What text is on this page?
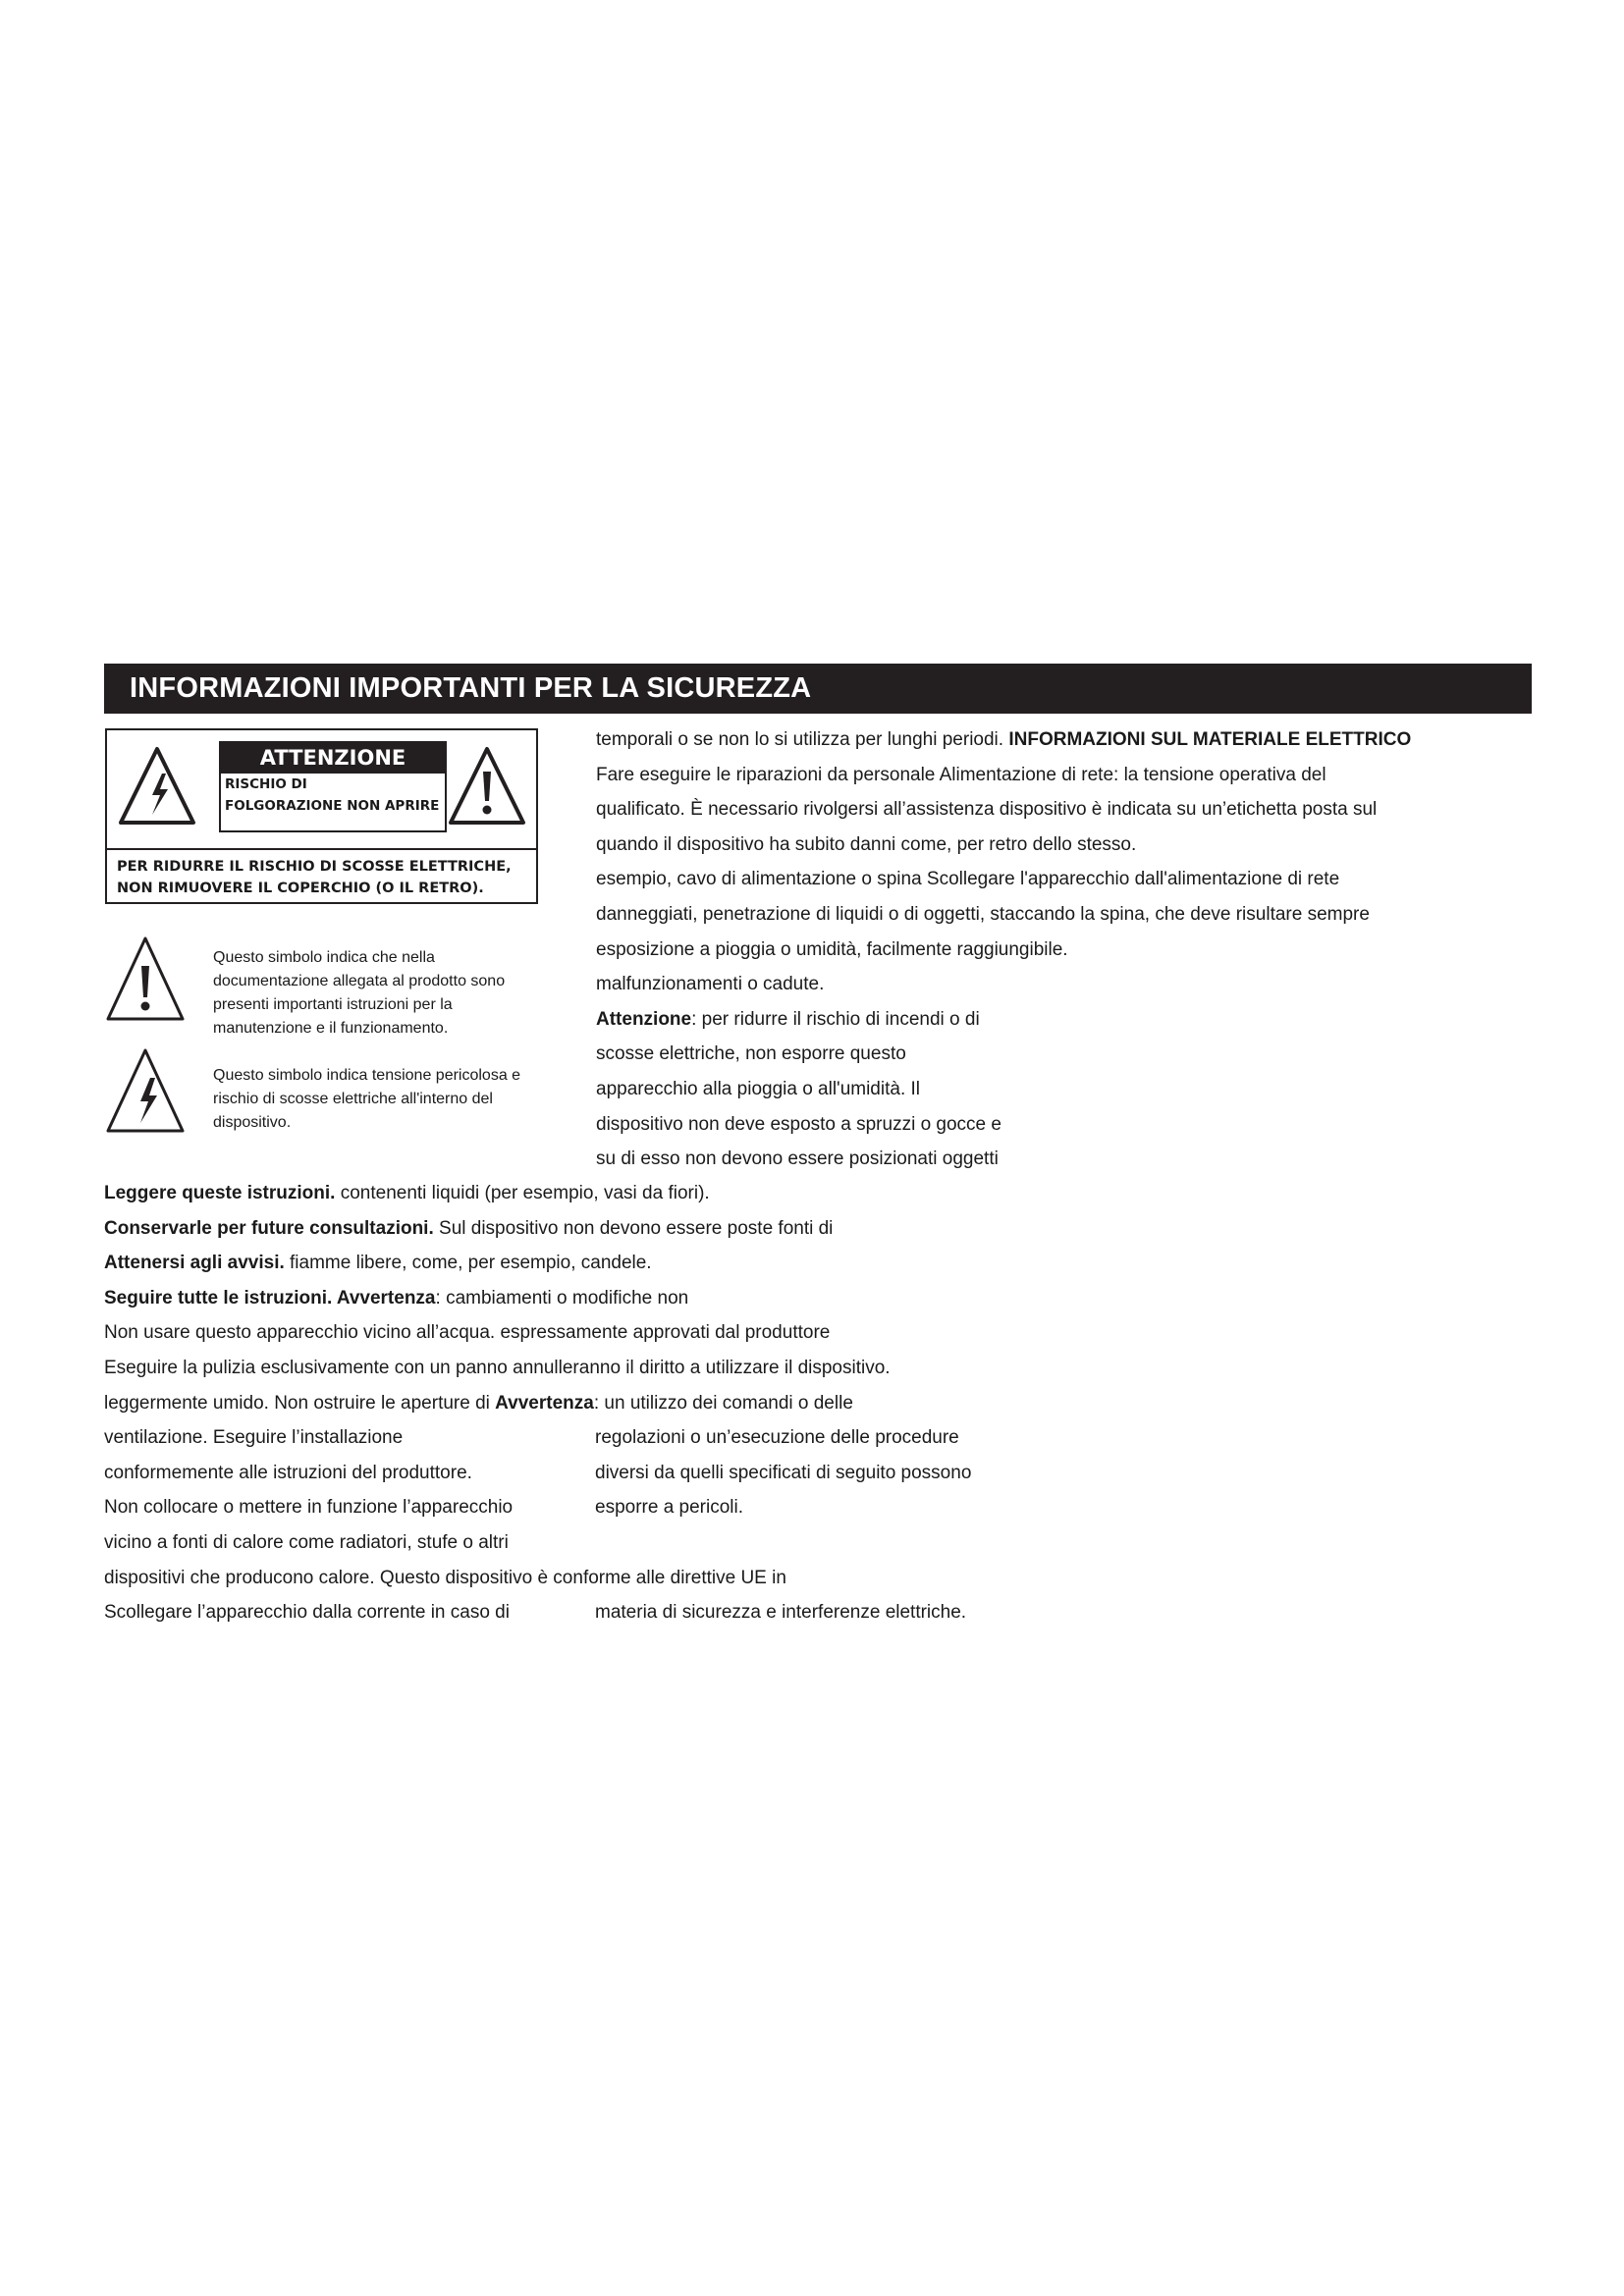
INFORMAZIONI IMPORTANTI PER LA SICUREZZA
ATTENZIONE
RISCHIO DI
FOLGORAZIONE NON APRIRE
PER RIDURRE IL RISCHIO DI SCOSSE ELETTRICHE,
NON RIMUOVERE IL COPERCHIO (O IL RETRO).
Questo simbolo indica che nella
documentazione allegata al prodotto sono
presenti importanti istruzioni per la
manutenzione e il funzionamento.
Questo simbolo indica tensione pericolosa e
rischio di scosse elettriche all'interno del
dispositivo.
temporali o se non lo si utilizza per lunghi periodi. INFORMAZIONI SUL MATERIALE ELETTRICO
Fare eseguire le riparazioni da personale Alimentazione di rete: la tensione operativa del
qualificato. È necessario rivolgersi all’assistenza dispositivo è indicata su un’etichetta posta sul
quando il dispositivo ha subito danni come, per retro dello stesso.
esempio, cavo di alimentazione o spina Scollegare l'apparecchio dall'alimentazione di rete
danneggiati, penetrazione di liquidi o di oggetti, staccando la spina, che deve risultare sempre
esposizione a pioggia o umidità, facilmente raggiungibile.
malfunzionamenti o cadute.
Attenzione: per ridurre il rischio di incendi o di
scosse elettriche, non esporre questo
apparecchio alla pioggia o all'umidità. Il
dispositivo non deve esposto a spruzzi o gocce e
su di esso non devono essere posizionati oggetti
Leggere queste istruzioni. contenenti liquidi (per esempio, vasi da fiori).
Conservarle per future consultazioni. Sul dispositivo non devono essere poste fonti di
Attenersi agli avvisi. fiamme libere, come, per esempio, candele.
Seguire tutte le istruzioni. Avvertenza: cambiamenti o modifiche non
Non usare questo apparecchio vicino all’acqua. espressamente approvati dal produttore
Eseguire la pulizia esclusivamente con un panno annulleranno il diritto a utilizzare il dispositivo.
leggermente umido. Non ostruire le aperture di Avvertenza: un utilizzo dei comandi o delle
ventilazione. Eseguire l’installazione	regolazioni o un’esecuzione delle procedure
conformemente alle istruzioni del produttore.	diversi da quelli specificati di seguito possono
Non collocare o mettere in funzione l’apparecchio	esporre a pericoli.
vicino a fonti di calore come radiatori, stufe o altri
dispositivi che producono calore. Questo dispositivo è conforme alle direttive UE in
Scollegare l’apparecchio dalla corrente in caso di	materia di sicurezza e interferenze elettriche.
